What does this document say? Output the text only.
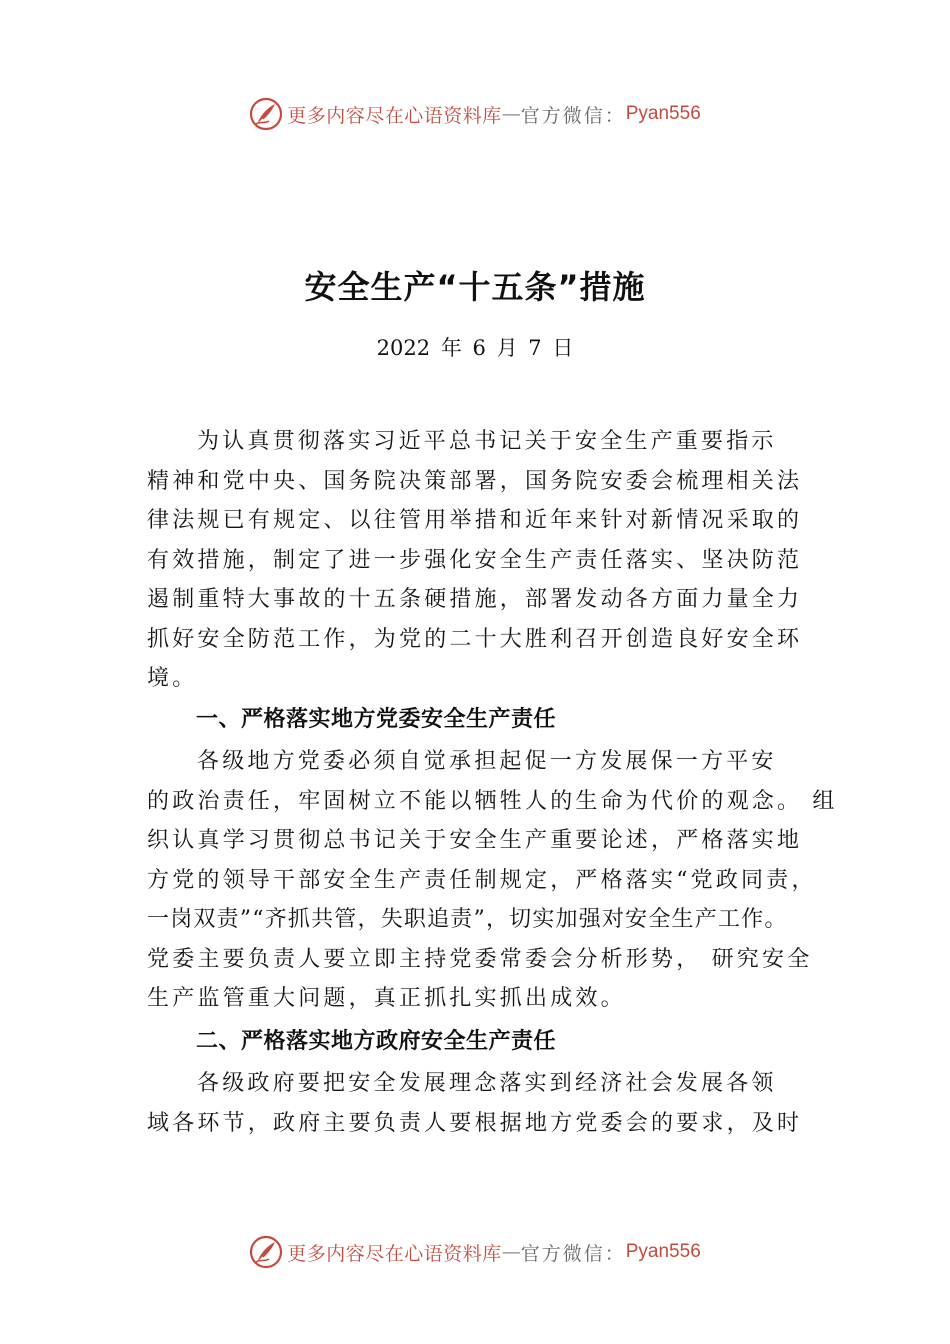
更多内容尽在心语资料库 — 官方微信： Pyan556
安全生产“十五条”措施
2022 年 6 月 7 日
为认真贯彻落实习近平总书记关于安全生产重要指示
精神和党中央、国务院决策部署，国务院安委会梳理相关法
律法规已有规定、以往管用举措和近年来针对新情况采取的
有效措施，制定了进一步强化安全生产责任落实、坚决防范
遏制重特大事故的十五条硬措施，部署发动各方面力量全力
抓好安全防范工作，为党的二十大胜利召开创造良好安全环
境。
一、严格落实地方党委安全生产责任
各级地方党委必须自觉承担起促一方发展保一方平安
的政治责任，牢固树立不能以牺牲人的生命为代价的观念。 组
织认真学习贯彻总书记关于安全生产重要论述，严格落实地
方党的领导干部安全生产责任制规定，严格落实“党政同责，
一岗双责”“齐抓共管，失职追责”，切实加强对安全生产工作。
党委主要负责人要立即主持党委常委会分析形势， 研究安全
生产监管重大问题，真正抓扎实抓出成效。
二、严格落实地方政府安全生产责任
各级政府要把安全发展理念落实到经济社会发展各领
域各环节，政府主要负责人要根据地方党委会的要求，及时
更多内容尽在心语资料库 — 官方微信： Pyan556
